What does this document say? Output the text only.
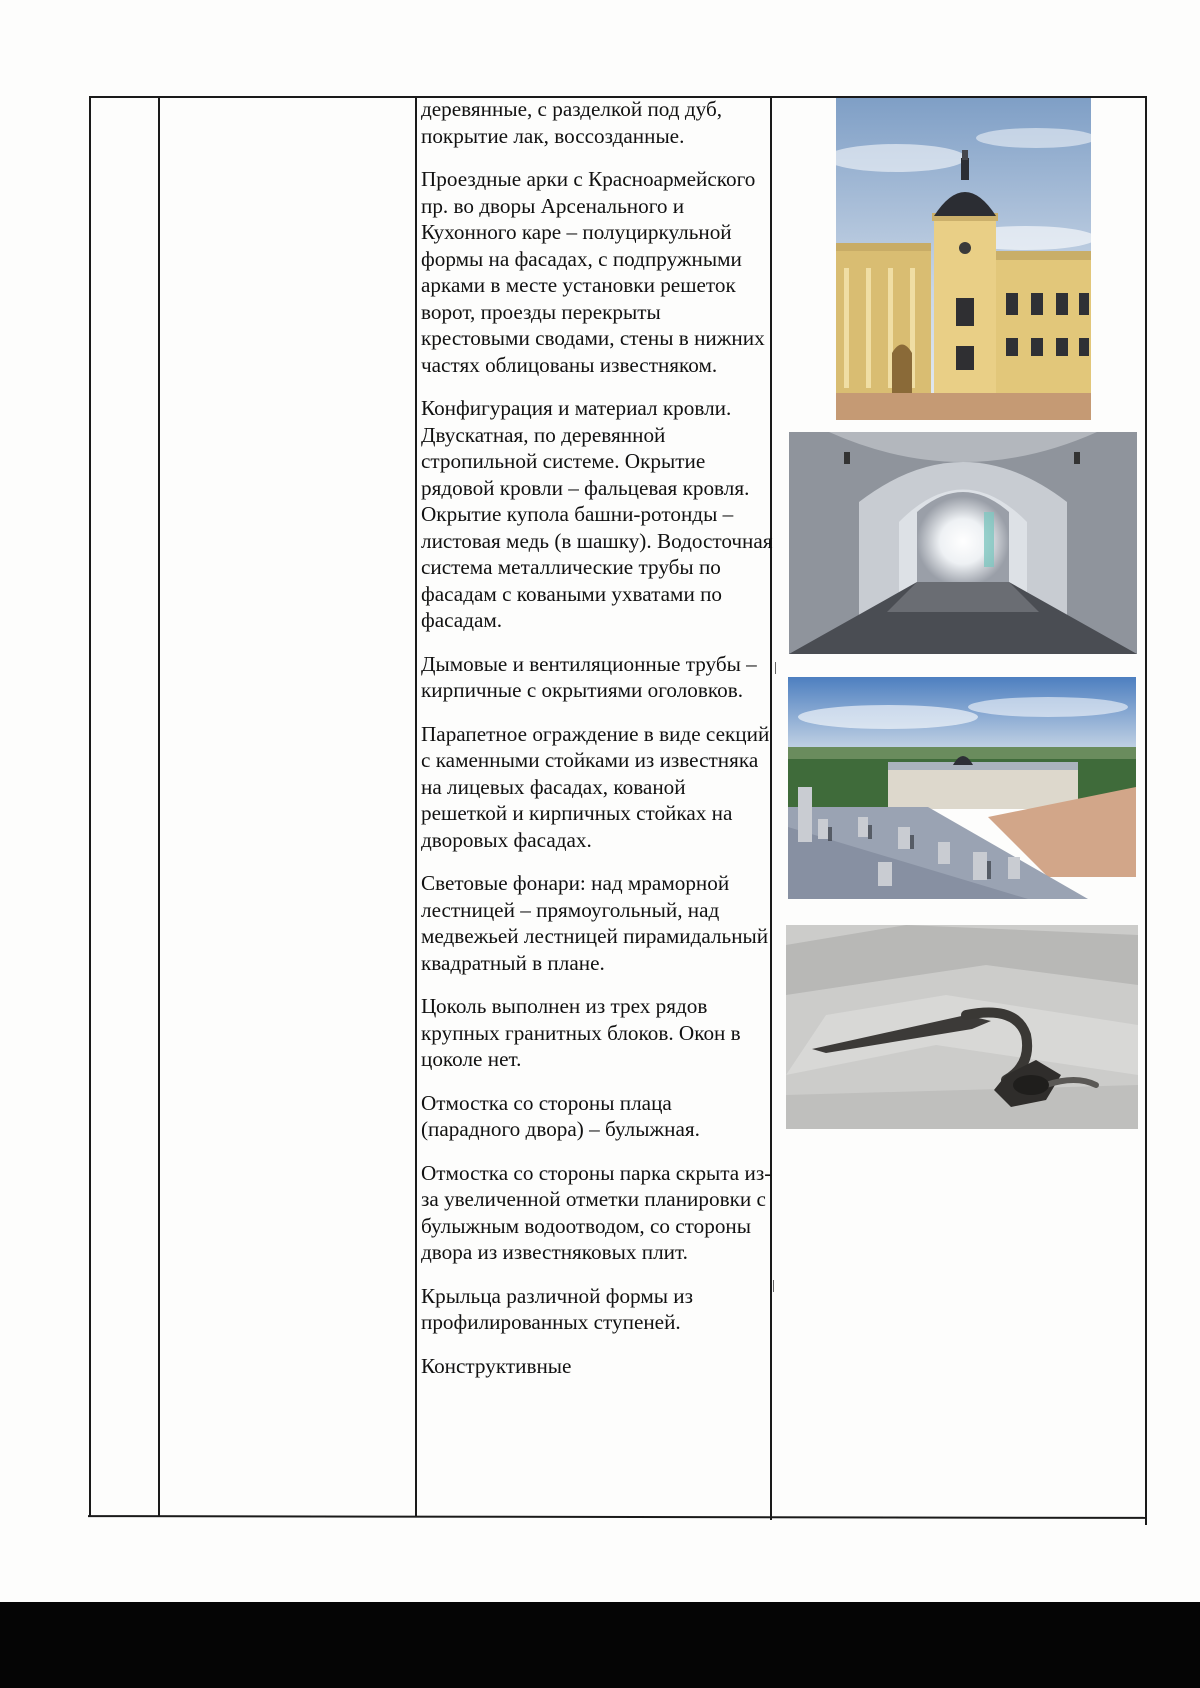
деревянные, с разделкой под дуб, покрытие лак, воссозданные.

Проездные арки с Красноармейского пр. во дворы Арсенального и Кухонного каре – полуциркульной формы на фасадах, с подпружными арками в месте установки решеток ворот, проезды перекрыты крестовыми сводами, стены в нижних частях облицованы известняком.

Конфигурация и материал кровли. Двускатная, по деревянной стропильной системе. Окрытие рядовой кровли – фальцевая кровля. Окрытие купола башни-ротонды – листовая медь (в шашку). Водосточная система металлические трубы по фасадам с коваными ухватами по фасадам.

Дымовые и вентиляционные трубы – кирпичные с окрытиями оголовков.

Парапетное ограждение в виде секций с каменными стойками из известняка на лицевых фасадах, кованой решеткой и кирпичных стойках на дворовых фасадах.

Световые фонари: над мраморной лестницей – прямоугольный, над медвежьей лестницей пирамидальный квадратный в плане.

Цоколь выполнен из трех рядов крупных гранитных блоков. Окон в цоколе нет.

Отмостка со стороны плаца (парадного двора) – булыжная.

Отмостка со стороны парка скрыта из-за увеличенной отметки планировки с булыжным водоотводом, со стороны двора из известняковых плит.

Крыльца различной формы из профилированных ступеней.

Конструктивные
